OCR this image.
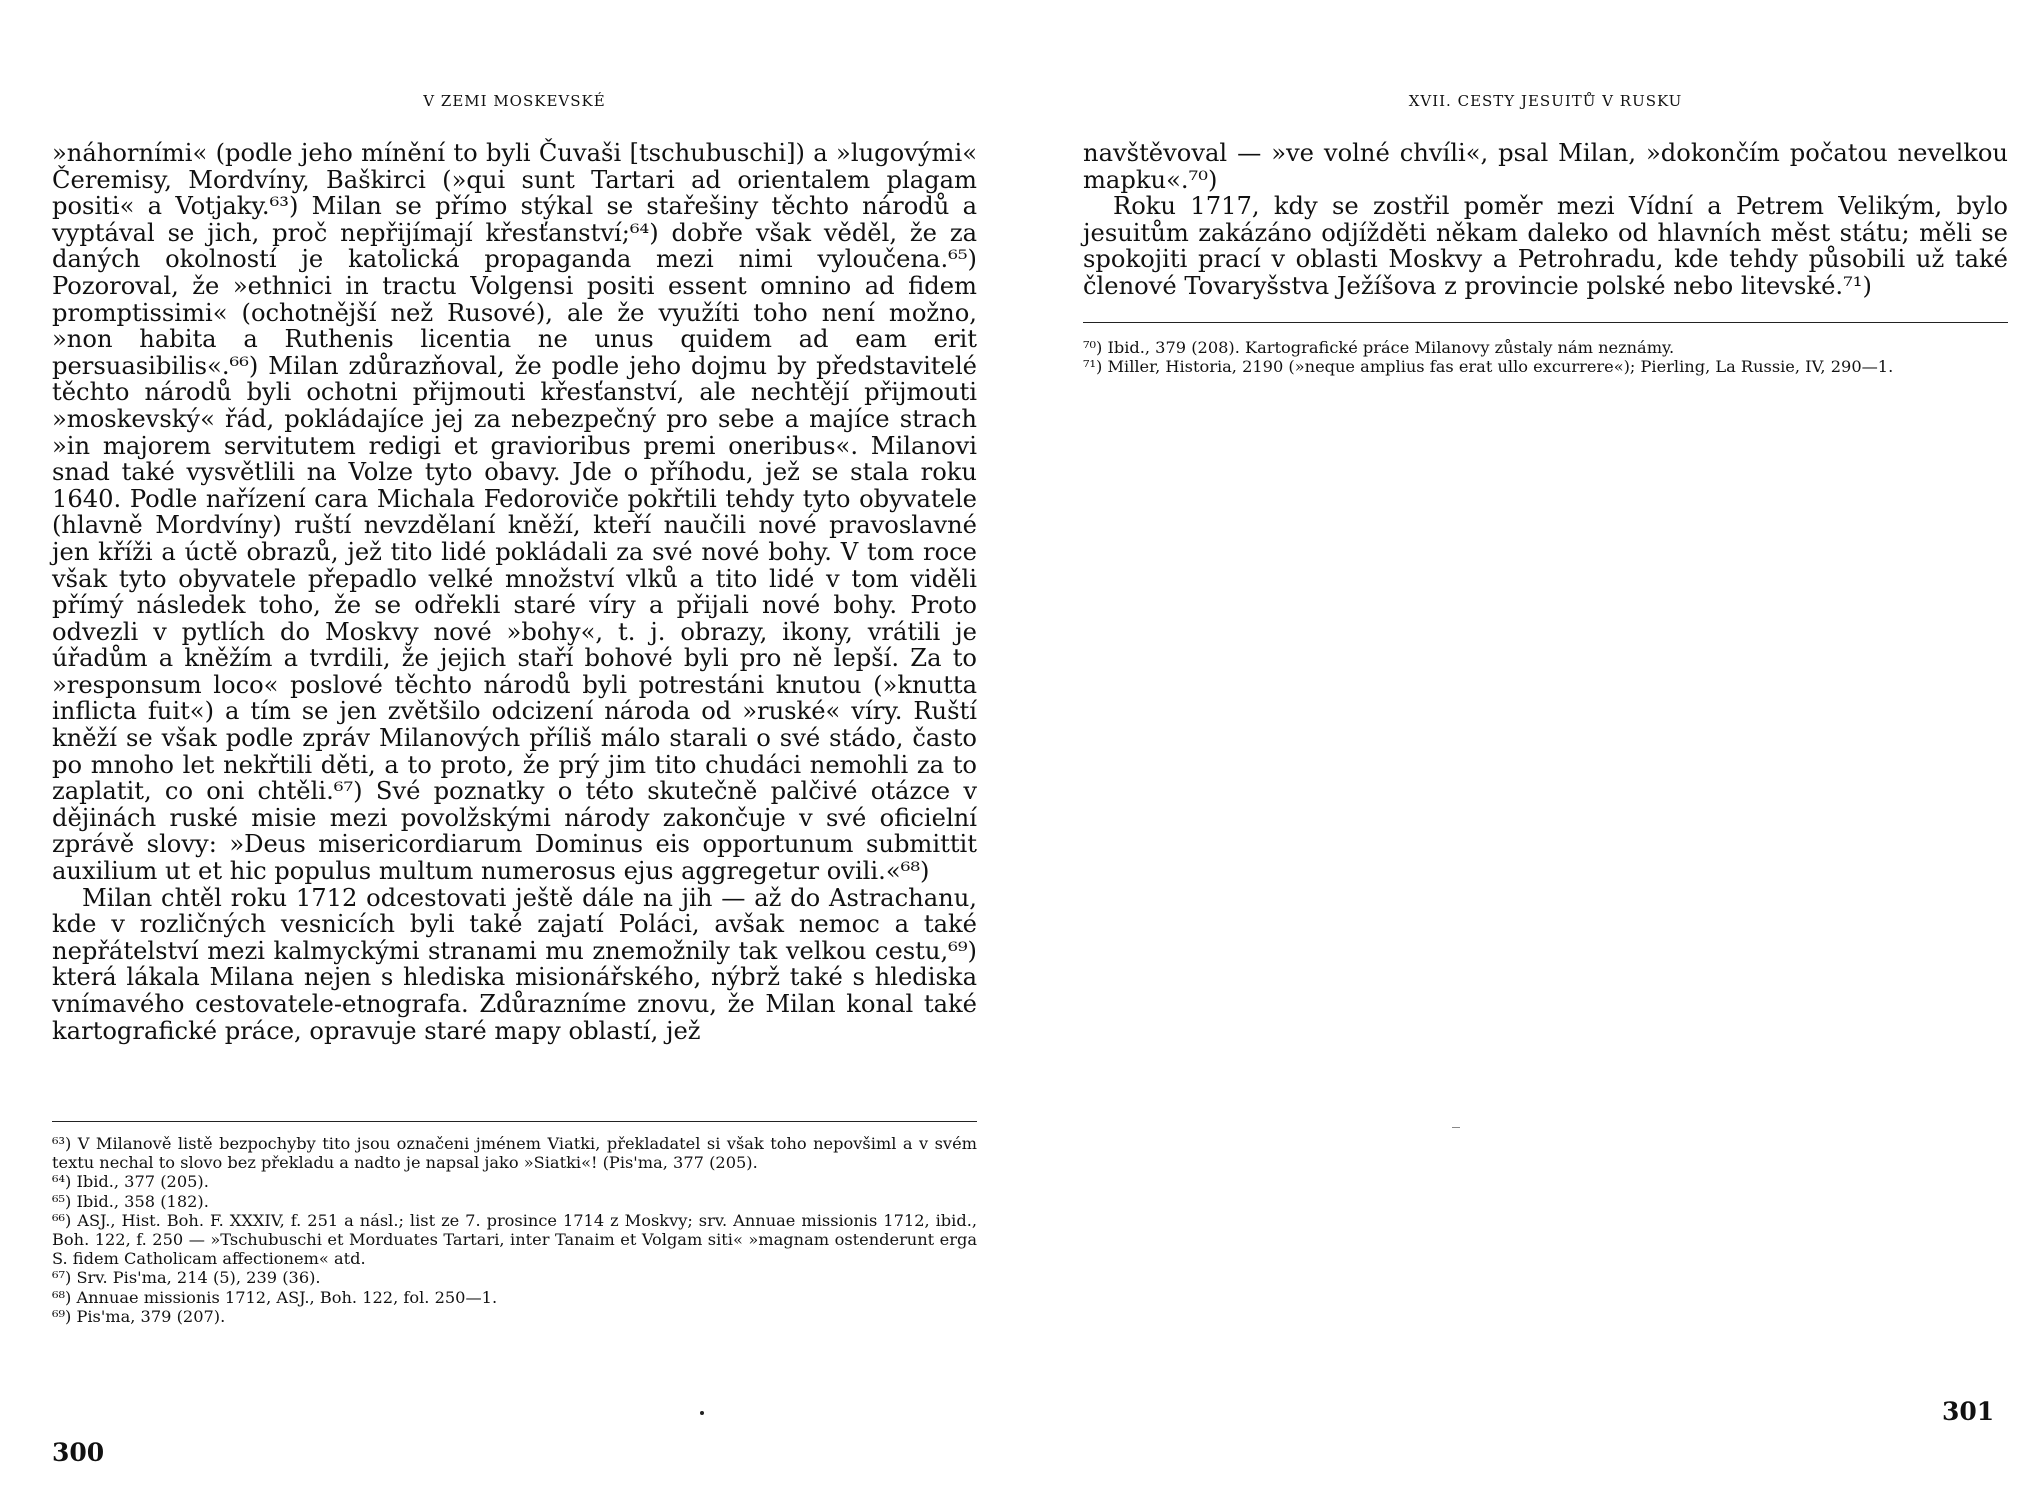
V ZEMI MOSKEVSKÉ

»náhorními« (podle jeho mínění to byli Čuvaši [tschubuschi]) a »lugovými« Čeremisy, Mordvíny, Baškirci (»qui sunt Tartari ad orientalem plagam positi« a Votjaky.⁶³) Milan se přímo stýkal se stařešiny těchto národů a vyptával se jich, proč nepřijímají křesťanství;⁶⁴) dobře však věděl, že za daných okolností je katolická propaganda mezi nimi vyloučena.⁶⁵) Pozoroval, že »ethnici in tractu Volgensi positi essent omnino ad fidem promptissimi« (ochotnější než Rusové), ale že využíti toho není možno, »non habita a Ruthenis licentia ne unus quidem ad eam erit persuasibilis«.⁶⁶) Milan zdůrazňoval, že podle jeho dojmu by představitelé těchto národů byli ochotni přijmouti křesťanství, ale nechtějí přijmouti »moskevský« řád, pokládajíce jej za nebezpečný pro sebe a majíce strach »in majorem servitutem redigi et gravioribus premi oneribus«. Milanovi snad také vysvětlili na Volze tyto obavy. Jde o příhodu, jež se stala roku 1640. Podle nařízení cara Michala Fedoroviče pokřtili tehdy tyto obyvatele (hlavně Mordvíny) ruští nevzdělaní kněží, kteří naučili nové pravoslavné jen kříži a úctě obrazů, jež tito lidé pokládali za své nové bohy. V tom roce však tyto obyvatele přepadlo velké množství vlků a tito lidé v tom viděli přímý následek toho, že se odřekli staré víry a přijali nové bohy. Proto odvezli v pytlích do Moskvy nové »bohy«, t. j. obrazy, ikony, vrátili je úřadům a kněžím a tvrdili, že jejich staří bohové byli pro ně lepší. Za to »responsum loco« poslové těchto národů byli potrestáni knutou (»knutta inflicta fuit«) a tím se jen zvětšilo odcizení národa od »ruské« víry. Ruští kněží se však podle zpráv Milanových příliš málo starali o své stádo, často po mnoho let nekřtili děti, a to proto, že prý jim tito chudáci nemohli za to zaplatit, co oni chtěli.⁶⁷) Své poznatky o této skutečně palčivé otázce v dějinách ruské misie mezi povolžskými národy zakončuje v své oficielní zprávě slovy: »Deus misericordiarum Dominus eis opportunum submittit auxilium ut et hic populus multum numerosus ejus aggregetur ovili.«⁶⁸)

Milan chtěl roku 1712 odcestovati ještě dále na jih — až do Astrachanu, kde v rozličných vesnicích byli také zajatí Poláci, avšak nemoc a také nepřátelství mezi kalmyckými stranami mu znemožnily tak velkou cestu,⁶⁹) která lákala Milana nejen s hlediska misionářského, nýbrž také s hlediska vnímavého cestovatele-etnografa. Zdůrazníme znovu, že Milan konal také kartografické práce, opravuje staré mapy oblastí, jež

⁶³) V Milanově listě bezpochyby tito jsou označeni jménem Viatki, překladatel si však toho nepovšiml a v svém textu nechal to slovo bez překladu a nadto je napsal jako »Siatki«! (Pis'ma, 377 (205).

⁶⁴) Ibid., 377 (205).

⁶⁵) Ibid., 358 (182).

⁶⁶) ASJ., Hist. Boh. F. XXXIV, f. 251 a násl.; list ze 7. prosince 1714 z Moskvy; srv. Annuae missionis 1712, ibid., Boh. 122, f. 250 — »Tschubuschi et Morduates Tartari, inter Tanaim et Volgam siti« »magnam ostenderunt erga S. fidem Catholicam affectionem« atd.

⁶⁷) Srv. Pis'ma, 214 (5), 239 (36).

⁶⁸) Annuae missionis 1712, ASJ., Boh. 122, fol. 250—1.

⁶⁹) Pis'ma, 379 (207).

300
XVII. CESTY JESUITŮ V RUSKU

navštěvoval — »ve volné chvíli«, psal Milan, »dokončím počatou nevelkou mapku«.⁷⁰)

Roku 1717, kdy se zostřil poměr mezi Vídní a Petrem Velikým, bylo jesuitům zakázáno odjížděti někam daleko od hlavních měst státu; měli se spokojiti prací v oblasti Moskvy a Petrohradu, kde tehdy působili už také členové Tovaryšstva Ježíšova z provincie polské nebo litevské.⁷¹)

⁷⁰) Ibid., 379 (208). Kartografické práce Milanovy zůstaly nám neznámy.

⁷¹) Miller, Historia, 2190 (»neque amplius fas erat ullo excurrere«); Pierling, La Russie, IV, 290—1.

301
